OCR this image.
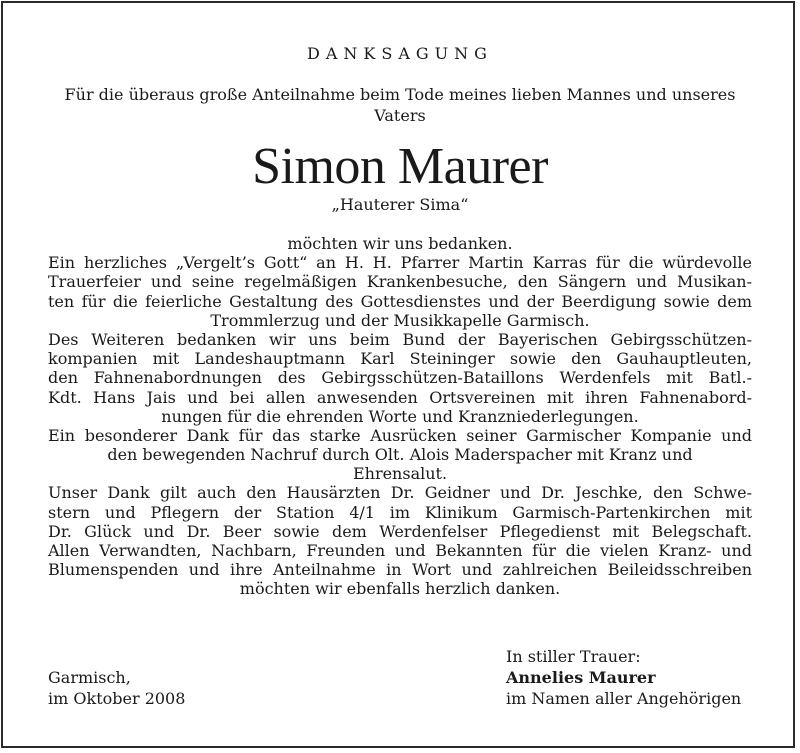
DANKSAGUNG
Für die überaus große Anteilnahme beim Tode meines lieben Mannes und unseres Vaters
Simon Maurer
„Hauterer Sima“
möchten wir uns bedanken.
Ein herzliches „Vergelt’s Gott“ an H. H. Pfarrer Martin Karras für die würdevolle
Trauerfeier und seine regelmäßigen Krankenbesuche, den Sängern und Musikan-
ten für die feierliche Gestaltung des Gottesdienstes und der Beerdigung sowie dem
Trommlerzug und der Musikkapelle Garmisch.
Des Weiteren bedanken wir uns beim Bund der Bayerischen Gebirgsschützen-
kompanien mit Landeshauptmann Karl Steininger sowie den Gauhauptleuten,
den Fahnenabordnungen des Gebirgsschützen-Bataillons Werdenfels mit Batl.-
Kdt. Hans Jais und bei allen anwesenden Ortsvereinen mit ihren Fahnenabord-
nungen für die ehrenden Worte und Kranzniederlegungen.
Ein besonderer Dank für das starke Ausrücken seiner Garmischer Kompanie und
den bewegenden Nachruf durch Olt. Alois Maderspacher mit Kranz und
Ehrensalut.
Unser Dank gilt auch den Hausärzten Dr. Geidner und Dr. Jeschke, den Schwe-
stern und Pflegern der Station 4/1 im Klinikum Garmisch-Partenkirchen mit
Dr. Glück und Dr. Beer sowie dem Werdenfelser Pflegedienst mit Belegschaft.
Allen Verwandten, Nachbarn, Freunden und Bekannten für die vielen Kranz- und
Blumenspenden und ihre Anteilnahme in Wort und zahlreichen Beileidsschreiben
möchten wir ebenfalls herzlich danken.
Garmisch,
im Oktober 2008
In stiller Trauer:
Annelies Maurer
im Namen aller Angehörigen
